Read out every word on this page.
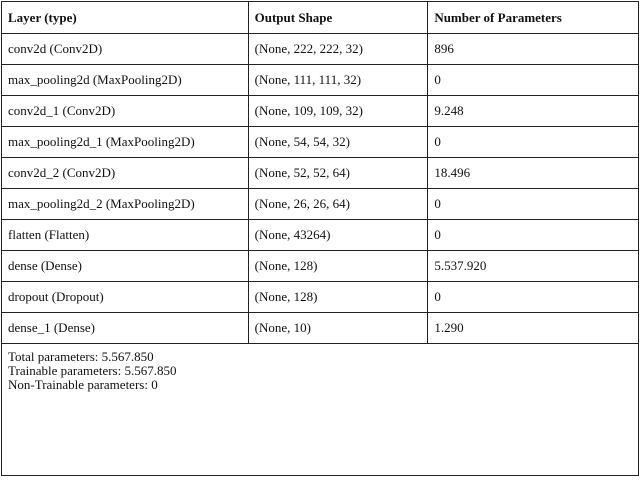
Layer (type)	Output Shape	Number of Parameters
conv2d (Conv2D)	(None, 222, 222, 32)	896
max_pooling2d (MaxPooling2D)	(None, 111, 111, 32)	0
conv2d_1 (Conv2D)	(None, 109, 109, 32)	9.248
max_pooling2d_1 (MaxPooling2D)	(None, 54, 54, 32)	0
conv2d_2 (Conv2D)	(None, 52, 52, 64)	18.496
max_pooling2d_2 (MaxPooling2D)	(None, 26, 26, 64)	0
flatten (Flatten)	(None, 43264)	0
dense (Dense)	(None, 128)	5.537.920
dropout (Dropout)	(None, 128)	0
dense_1 (Dense)	(None, 10)	1.290

Total parameters: 5.567.850
Trainable parameters: 5.567.850
Non-Trainable parameters: 0		
